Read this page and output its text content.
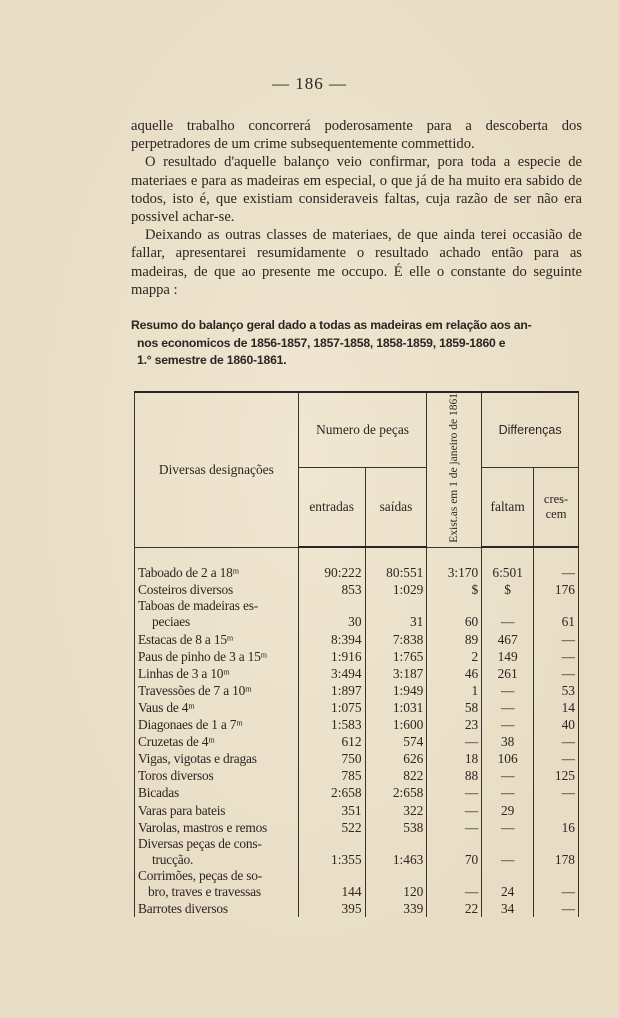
— 186 —

aquelle trabalho concorrerá poderosamente para a descoberta dos perpetradores de um crime subsequentemente commettido.

O resultado d'aquelle balanço veio confirmar, pora toda a especie de materiaes e para as madeiras em especial, o que já de ha muito era sabido de todos, isto é, que existiam consideraveis faltas, cuja razão de ser não era possivel achar-se.

Deixando as outras classes de materiaes, de que ainda terei occasião de fallar, apresentarei resumidamente o resultado achado então para as madeiras, de que ao presente me occupo. É elle o constante do seguinte mappa :

Resumo do balanço geral dado a todas as madeiras em relação aos an-
nos economicos de 1856-1857, 1857-1858, 1858-1859, 1859-1860 e
1.° semestre de 1860-1861.
Diversas designações	Numero de peças		Exist.as em 1 de janeiro de 1861	Differenças	
	entradas	saídas		faltam	cres-cem

Taboado de 2 a 18ᵐ	90:222	80:551	3:170	6:501	—

Costeiros diversos	853	1:029	$	$	176

Taboas de madeiras es-
peciaes	30	31	60	—	61

Estacas de 8 a 15ᵐ	8:394	7:838	89	467	—

Paus de pinho de 3 a 15ᵐ	1:916	1:765	2	149	—

Linhas de 3 a 10ᵐ	3:494	3:187	46	261	—

Travessões de 7 a 10ᵐ	1:897	1:949	1	—	53

Vaus de 4ᵐ	1:075	1:031	58	—	14

Diagonaes de 1 a 7ᵐ	1:583	1:600	23	—	40

Cruzetas de 4ᵐ	612	574	—	38	—

Vigas, vigotas e dragas	750	626	18	106	—

Toros diversos	785	822	88	—	125

Bicadas	2:658	2:658	—	—	—

Varas para bateis	351	322	—	29	

Varolas, mastros e remos	522	538	—	—	16

Diversas peças de cons-
trucção.	1:355	1:463	70	—	178

Corrimões, peças de so-
bro, traves e travessas	144	120	—	24	—

Barrotes diversos	395	339	22	34	—
